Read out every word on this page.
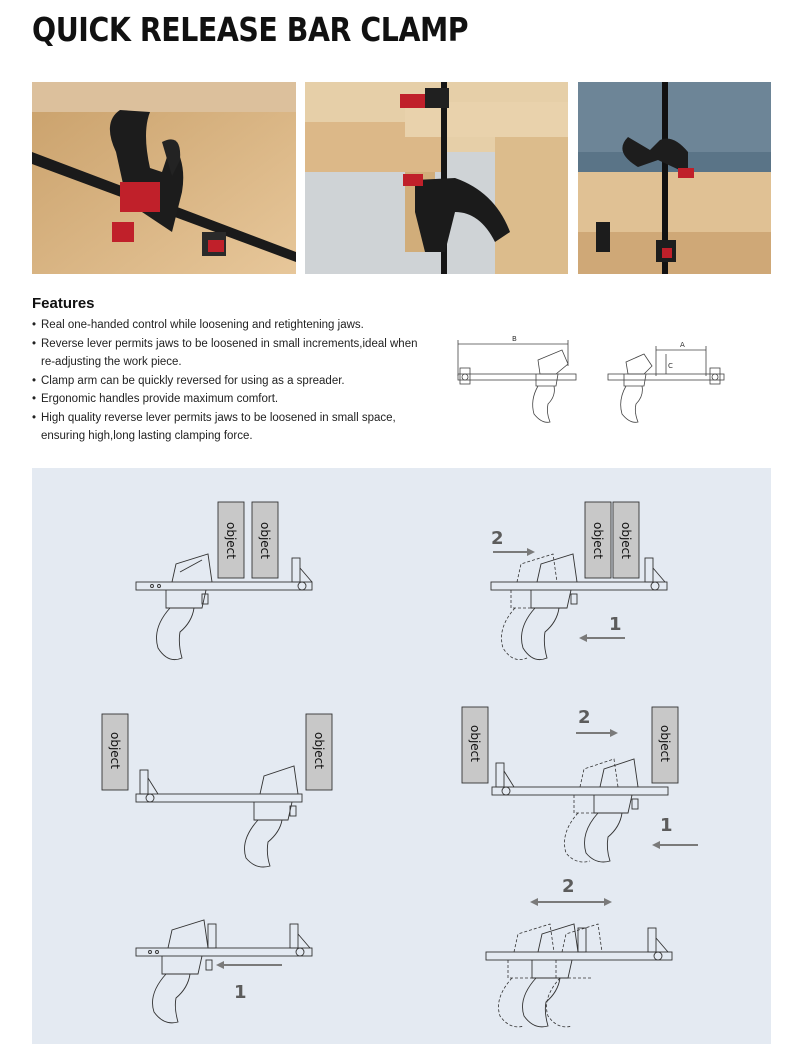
QUICK RELEASE BAR CLAMP
Features
• Real one-handed control while loosening and retightening jaws.
• Reverse lever permits jaws to be loosened in small increments,ideal when re-adjusting the work piece.
• Clamp arm can be quickly reversed for using as a spreader.
• Ergonomic handles provide maximum comfort.
• High quality reverse lever permits jaws to be loosened in small space, ensuring high,long lasting clamping force.
B
A
C
object object	object object
2
1
object	object	object	object
2
1
1
2
